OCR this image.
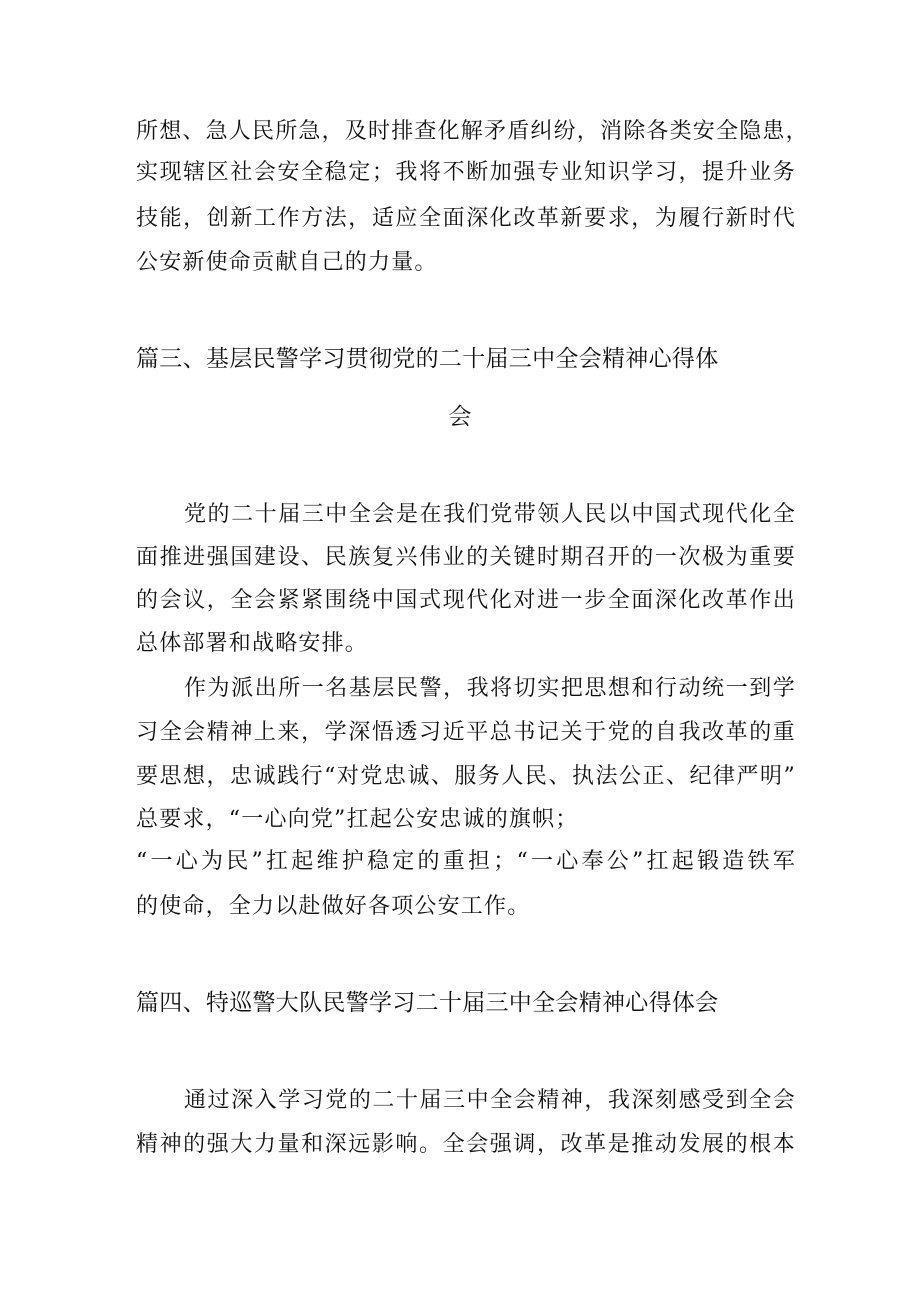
所想、急人民所急，及时排查化解矛盾纠纷，消除各类安全隐患，
实现辖区社会安全稳定；我将不断加强专业知识学习，提升业务
技能，创新工作方法，适应全面深化改革新要求，为履行新时代
公安新使命贡献自己的力量。
篇三、基层民警学习贯彻党的二十届三中全会精神心得体
会
党的二十届三中全会是在我们党带领人民以中国式现代化全
面推进强国建设、民族复兴伟业的关键时期召开的一次极为重要
的会议，全会紧紧围绕中国式现代化对进一步全面深化改革作出
总体部署和战略安排。
作为派出所一名基层民警，我将切实把思想和行动统一到学
习全会精神上来，学深悟透习近平总书记关于党的自我改革的重
要思想，忠诚践行“对党忠诚、服务人民、执法公正、纪律严明”
总要求，“一心向党”扛起公安忠诚的旗帜；
“一心为民”扛起维护稳定的重担；“一心奉公”扛起锻造铁军
的使命，全力以赴做好各项公安工作。
篇四、特巡警大队民警学习二十届三中全会精神心得体会
通过深入学习党的二十届三中全会精神，我深刻感受到全会
精神的强大力量和深远影响。全会强调，改革是推动发展的根本
